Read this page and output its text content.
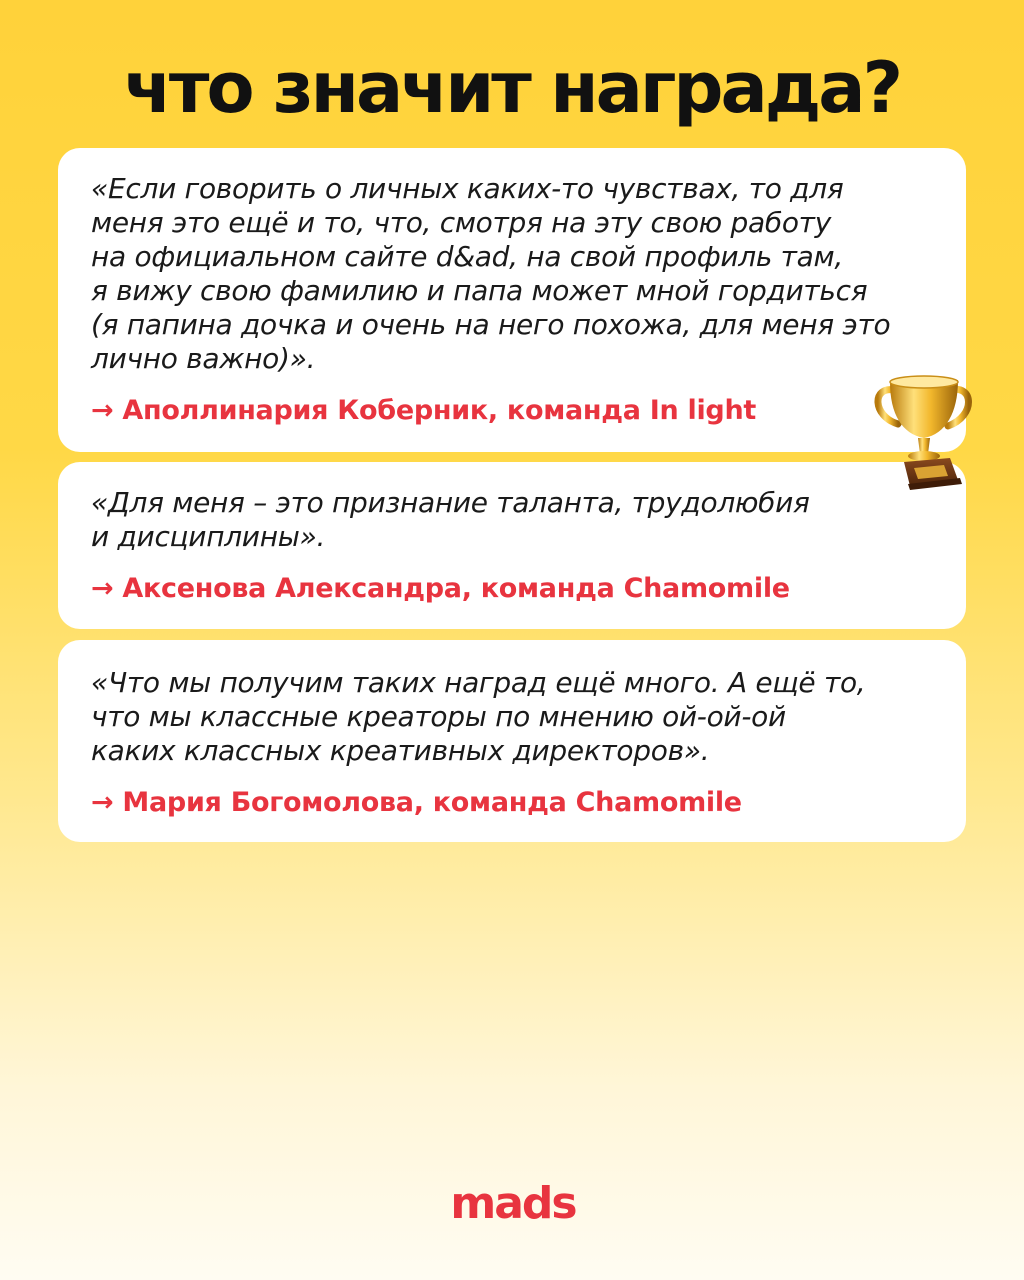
что значит награда?

«Если говорить о личных каких-то чувствах, то для
меня это ещё и то, что, смотря на эту свою работу
на официальном сайте d&ad, на свой профиль там,
я вижу свою фамилию и папа может мной гордиться
(я папина дочка и очень на него похожа, для меня это
лично важно)».

→ Аполлинария Коберник, команда In light

«Для меня – это признание таланта, трудолюбия
и дисциплины».

→ Аксенова Александра, команда Chamomile

«Что мы получим таких наград ещё много. А ещё то,
что мы классные креаторы по мнению ой-ой-ой
каких классных креативных директоров».

→ Мария Богомолова, команда Chamomile

mads
